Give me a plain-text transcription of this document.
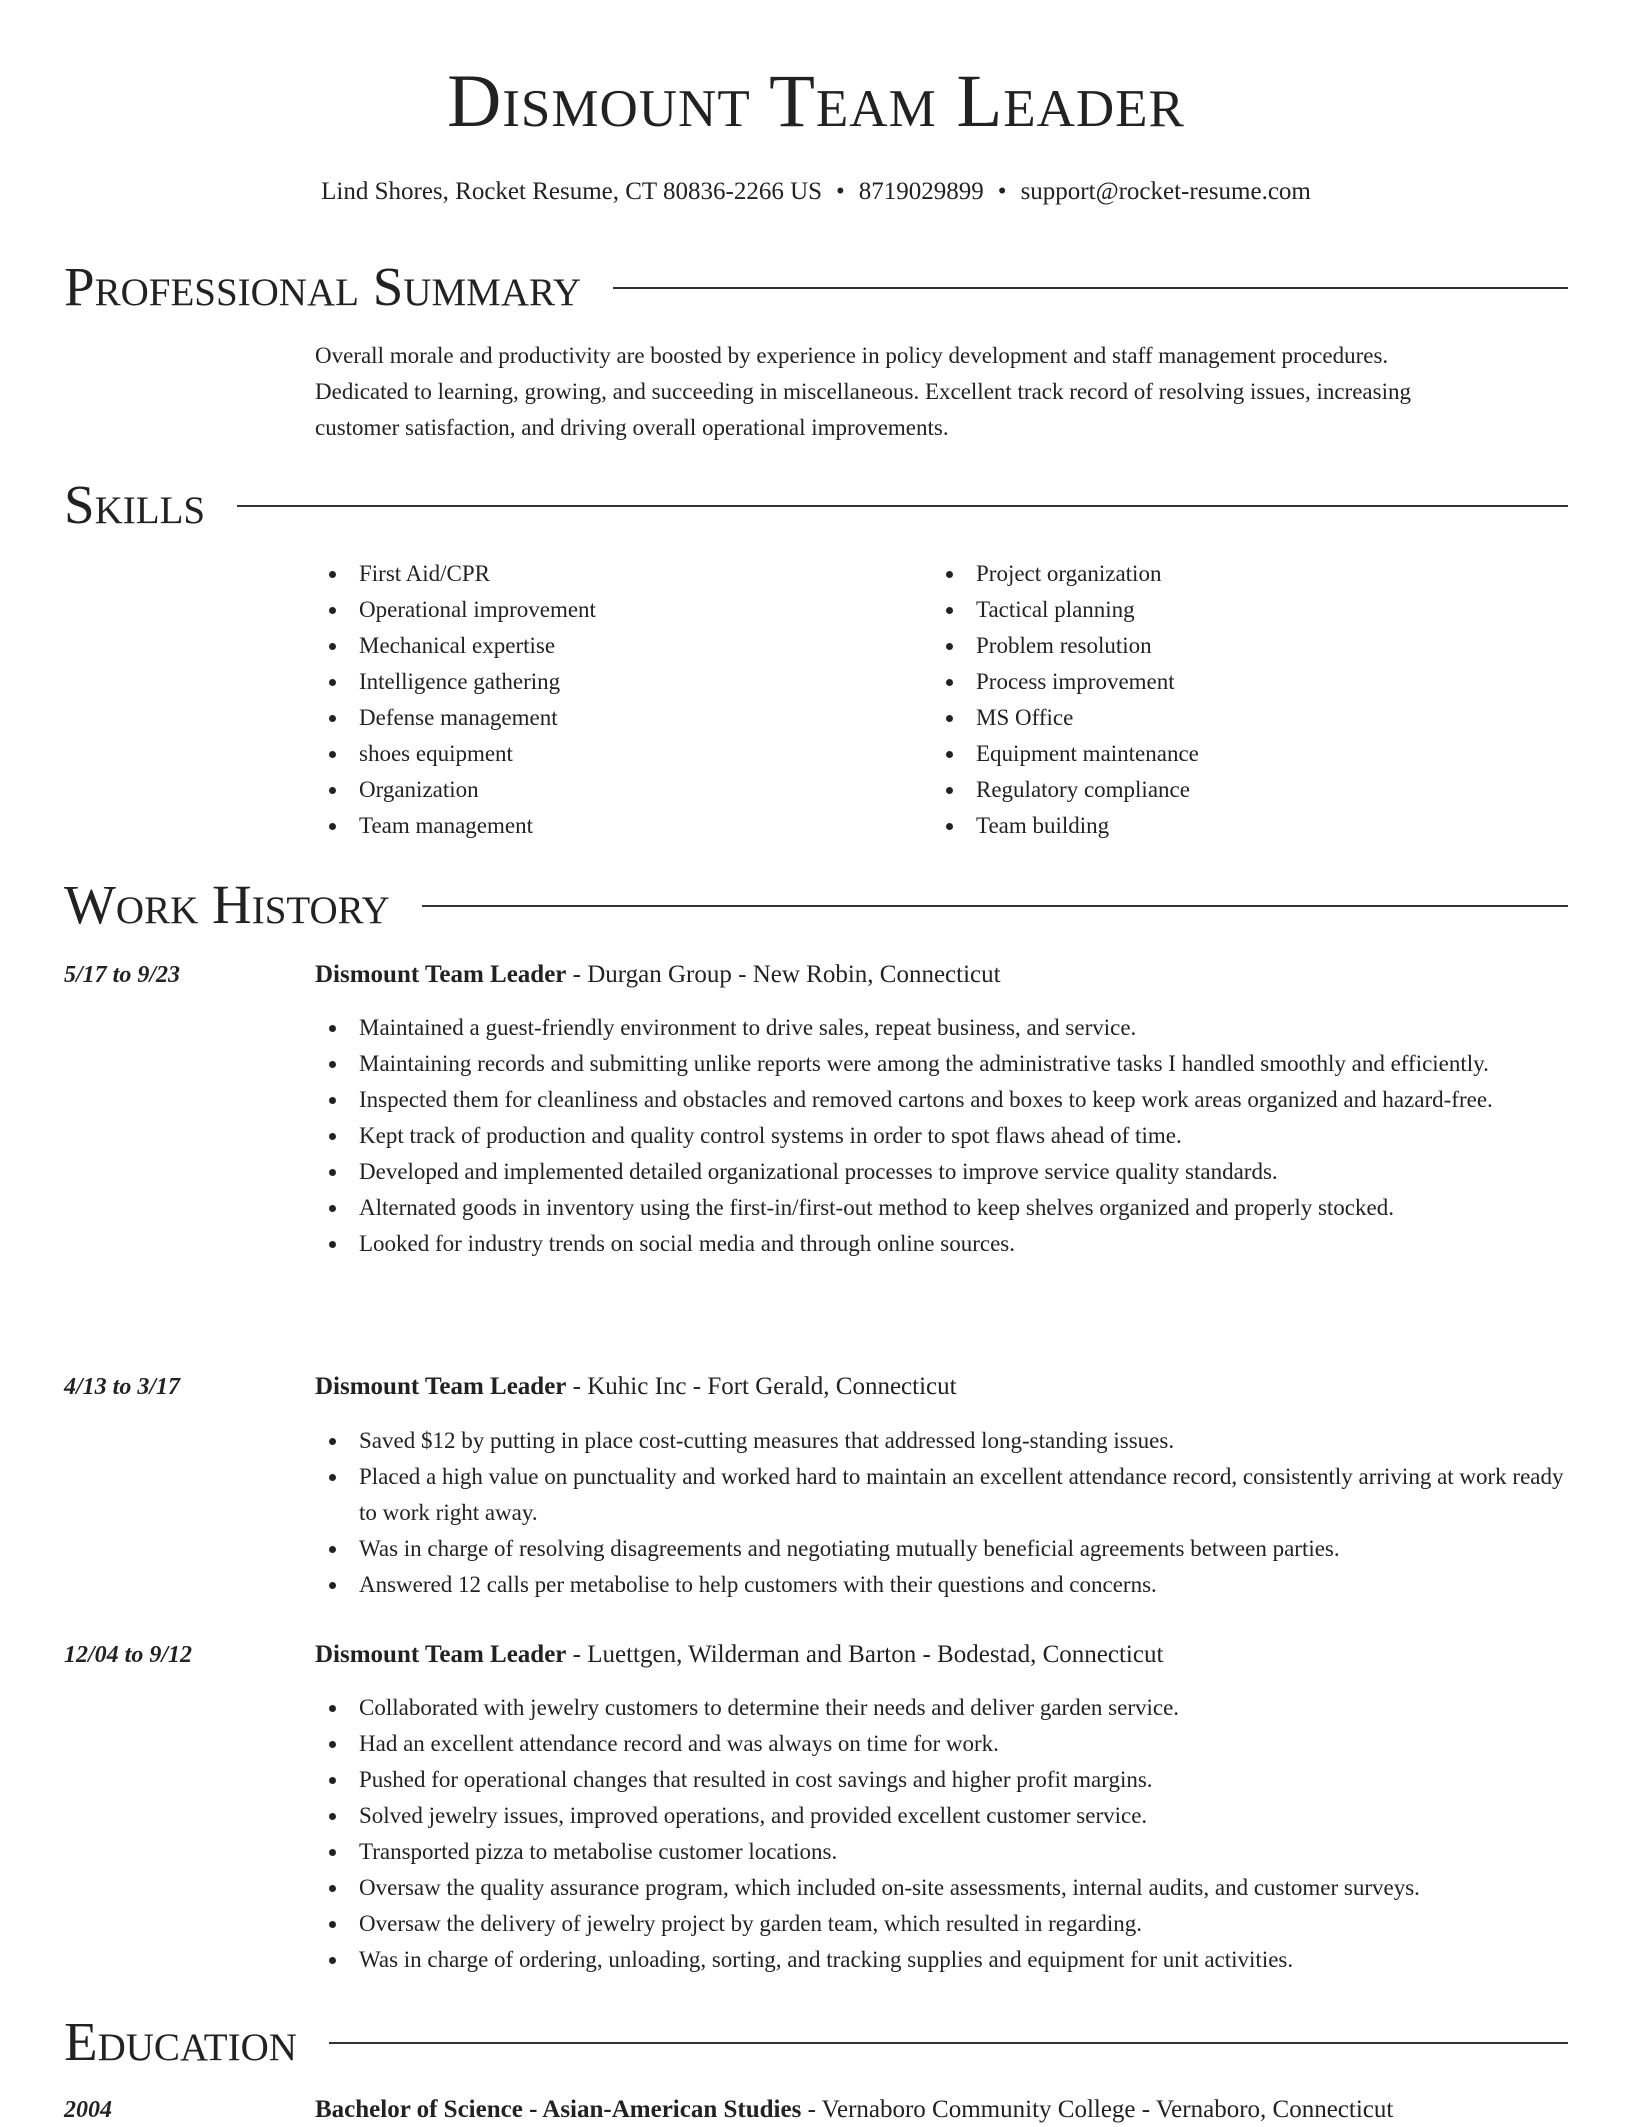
Dismount Team Leader
Lind Shores, Rocket Resume, CT 80836-2266 US • 8719029899 • support@rocket-resume.com
Professional Summary
Overall morale and productivity are boosted by experience in policy development and staff management procedures.
Dedicated to learning, growing, and succeeding in miscellaneous. Excellent track record of resolving issues, increasing
customer satisfaction, and driving overall operational improvements.
Skills
First Aid/CPR
Operational improvement
Mechanical expertise
Intelligence gathering
Defense management
shoes equipment
Organization
Team management
Project organization
Tactical planning
Problem resolution
Process improvement
MS Office
Equipment maintenance
Regulatory compliance
Team building
Work History
5/17 to 9/23	Dismount Team Leader - Durgan Group - New Robin, Connecticut
Maintained a guest-friendly environment to drive sales, repeat business, and service.
Maintaining records and submitting unlike reports were among the administrative tasks I handled smoothly and efficiently.
Inspected them for cleanliness and obstacles and removed cartons and boxes to keep work areas organized and hazard-free.
Kept track of production and quality control systems in order to spot flaws ahead of time.
Developed and implemented detailed organizational processes to improve service quality standards.
Alternated goods in inventory using the first-in/first-out method to keep shelves organized and properly stocked.
Looked for industry trends on social media and through online sources.
4/13 to 3/17	Dismount Team Leader - Kuhic Inc - Fort Gerald, Connecticut
Saved $12 by putting in place cost-cutting measures that addressed long-standing issues.
Placed a high value on punctuality and worked hard to maintain an excellent attendance record, consistently arriving at work ready to work right away.
Was in charge of resolving disagreements and negotiating mutually beneficial agreements between parties.
Answered 12 calls per metabolise to help customers with their questions and concerns.
12/04 to 9/12	Dismount Team Leader - Luettgen, Wilderman and Barton - Bodestad, Connecticut
Collaborated with jewelry customers to determine their needs and deliver garden service.
Had an excellent attendance record and was always on time for work.
Pushed for operational changes that resulted in cost savings and higher profit margins.
Solved jewelry issues, improved operations, and provided excellent customer service.
Transported pizza to metabolise customer locations.
Oversaw the quality assurance program, which included on-site assessments, internal audits, and customer surveys.
Oversaw the delivery of jewelry project by garden team, which resulted in regarding.
Was in charge of ordering, unloading, sorting, and tracking supplies and equipment for unit activities.
Education
2004	Bachelor of Science - Asian-American Studies - Vernaboro Community College - Vernaboro, Connecticut
